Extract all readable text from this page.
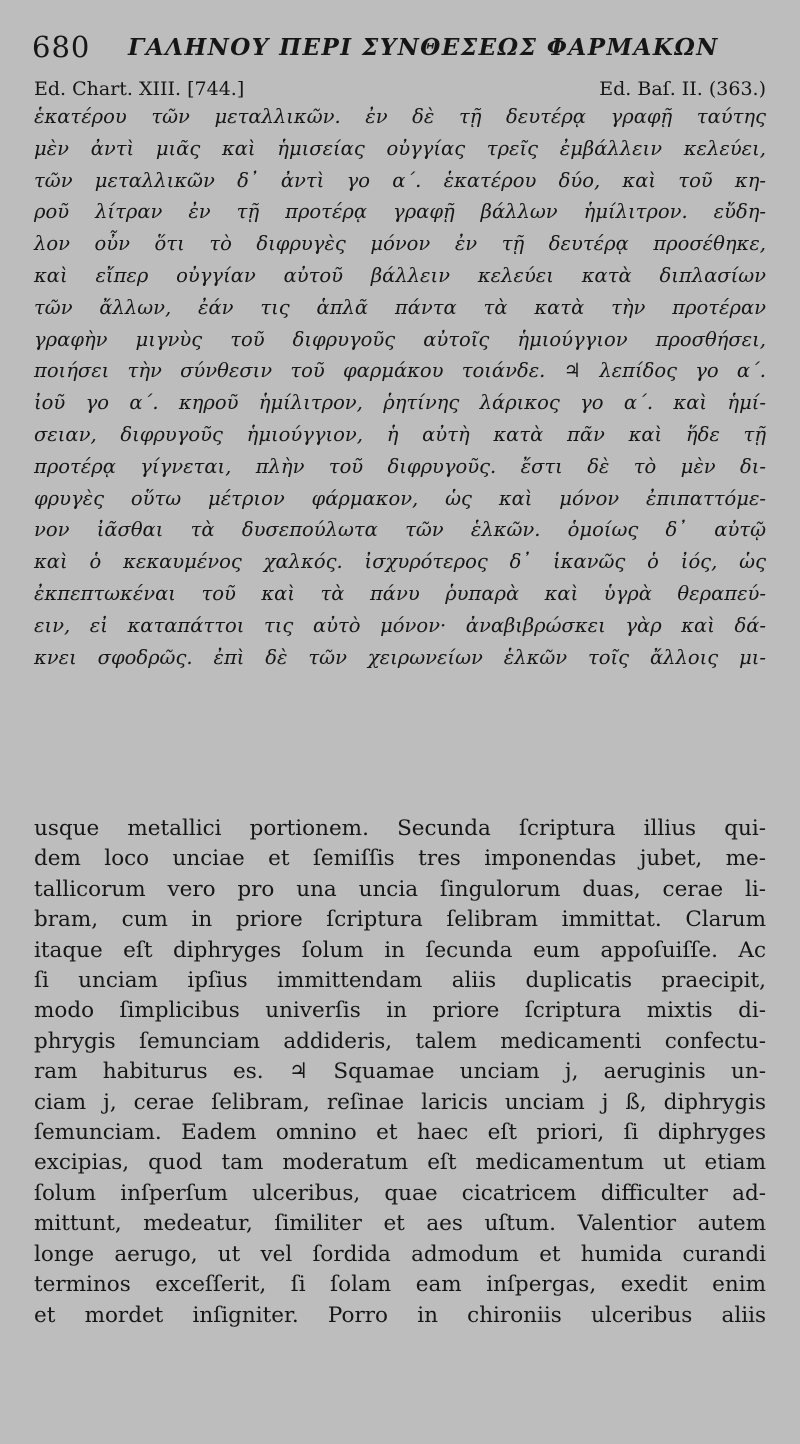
680 ΓΑΛΗΝΟΥ ΠΕΡΙ ΣΥΝΘΕΣΕΩΣ ΦΑΡΜΑΚΩΝ
Ed. Chart. XIII. [744.]	Ed. Baſ. II. (363.)
ἑκατέρου τῶν μεταλλικῶν. ἐν δὲ τῇ δευτέρᾳ γραφῇ ταύτης
μὲν ἀντὶ μιᾶς καὶ ἡμισείας οὐγγίας τρεῖς ἐμβάλλειν κελεύει,
τῶν μεταλλικῶν δ᾽ ἀντὶ γο α΄. ἑκατέρου δύο, καὶ τοῦ κη-
ροῦ λίτραν ἐν τῇ προτέρᾳ γραφῇ βάλλων ἡμίλιτρον. εὔδη-
λον οὖν ὅτι τὸ διφρυγὲς μόνον ἐν τῇ δευτέρᾳ προσέθηκε,
καὶ εἴπερ οὐγγίαν αὐτοῦ βάλλειν κελεύει κατὰ διπλασίων
τῶν ἄλλων, ἐάν τις ἁπλᾶ πάντα τὰ κατὰ τὴν προτέραν
γραφὴν μιγνὺς τοῦ διφρυγοῦς αὐτοῖς ἡμιούγγιον προσθήσει,
ποιήσει τὴν σύνθεσιν τοῦ φαρμάκου τοιάνδε. ♃ λεπίδος γο α΄.
ἰοῦ γο α΄. κηροῦ ἡμίλιτρον, ῥητίνης λάρικος γο α΄. καὶ ἡμί-
σειαν, διφρυγοῦς ἡμιούγγιον, ἡ αὐτὴ κατὰ πᾶν καὶ ἥδε τῇ
προτέρᾳ γίγνεται, πλὴν τοῦ διφρυγοῦς. ἔστι δὲ τὸ μὲν δι-
φρυγὲς οὕτω μέτριον φάρμακον, ὡς καὶ μόνον ἐπιπαττόμε-
νον ἰᾶσθαι τὰ δυσεπούλωτα τῶν ἑλκῶν. ὁμοίως δ᾽ αὐτῷ
καὶ ὁ κεκαυμένος χαλκός. ἰσχυρότερος δ᾽ ἱκανῶς ὁ ἰός, ὡς
ἐκπεπτωκέναι τοῦ καὶ τὰ πάνυ ῥυπαρὰ καὶ ὑγρὰ θεραπεύ-
ειν, εἰ καταπάττοι τις αὐτὸ μόνον· ἀναβιβρώσκει γὰρ καὶ δά-
κνει σφοδρῶς. ἐπὶ δὲ τῶν χειρωνείων ἑλκῶν τοῖς ἄλλοις μι-
usque metallici portionem. Secunda ſcriptura illius qui-
dem loco unciae et ſemiſſis tres imponendas jubet, me-
tallicorum vero pro una uncia ſingulorum duas, cerae li-
bram, cum in priore ſcriptura ſelibram immittat. Clarum
itaque eſt diphryges ſolum in ſecunda eum appoſuiſſe. Ac
ſi unciam ipſius immittendam aliis duplicatis praecipit,
modo ſimplicibus univerſis in priore ſcriptura mixtis di-
phrygis ſemunciam addideris, talem medicamenti confectu-
ram habiturus es. ♃ Squamae unciam j, aeruginis un-
ciam j, cerae ſelibram, reſinae laricis unciam j ß, diphrygis
ſemunciam. Eadem omnino et haec eſt priori, ſi diphryges
excipias, quod tam moderatum eſt medicamentum ut etiam
ſolum inſperſum ulceribus, quae cicatricem difficulter ad-
mittunt, medeatur, ſimiliter et aes uſtum. Valentior autem
longe aerugo, ut vel ſordida admodum et humida curandi
terminos exceſſerit, ſi ſolam eam inſpergas, exedit enim
et mordet inſigniter. Porro in chironiis ulceribus aliis
